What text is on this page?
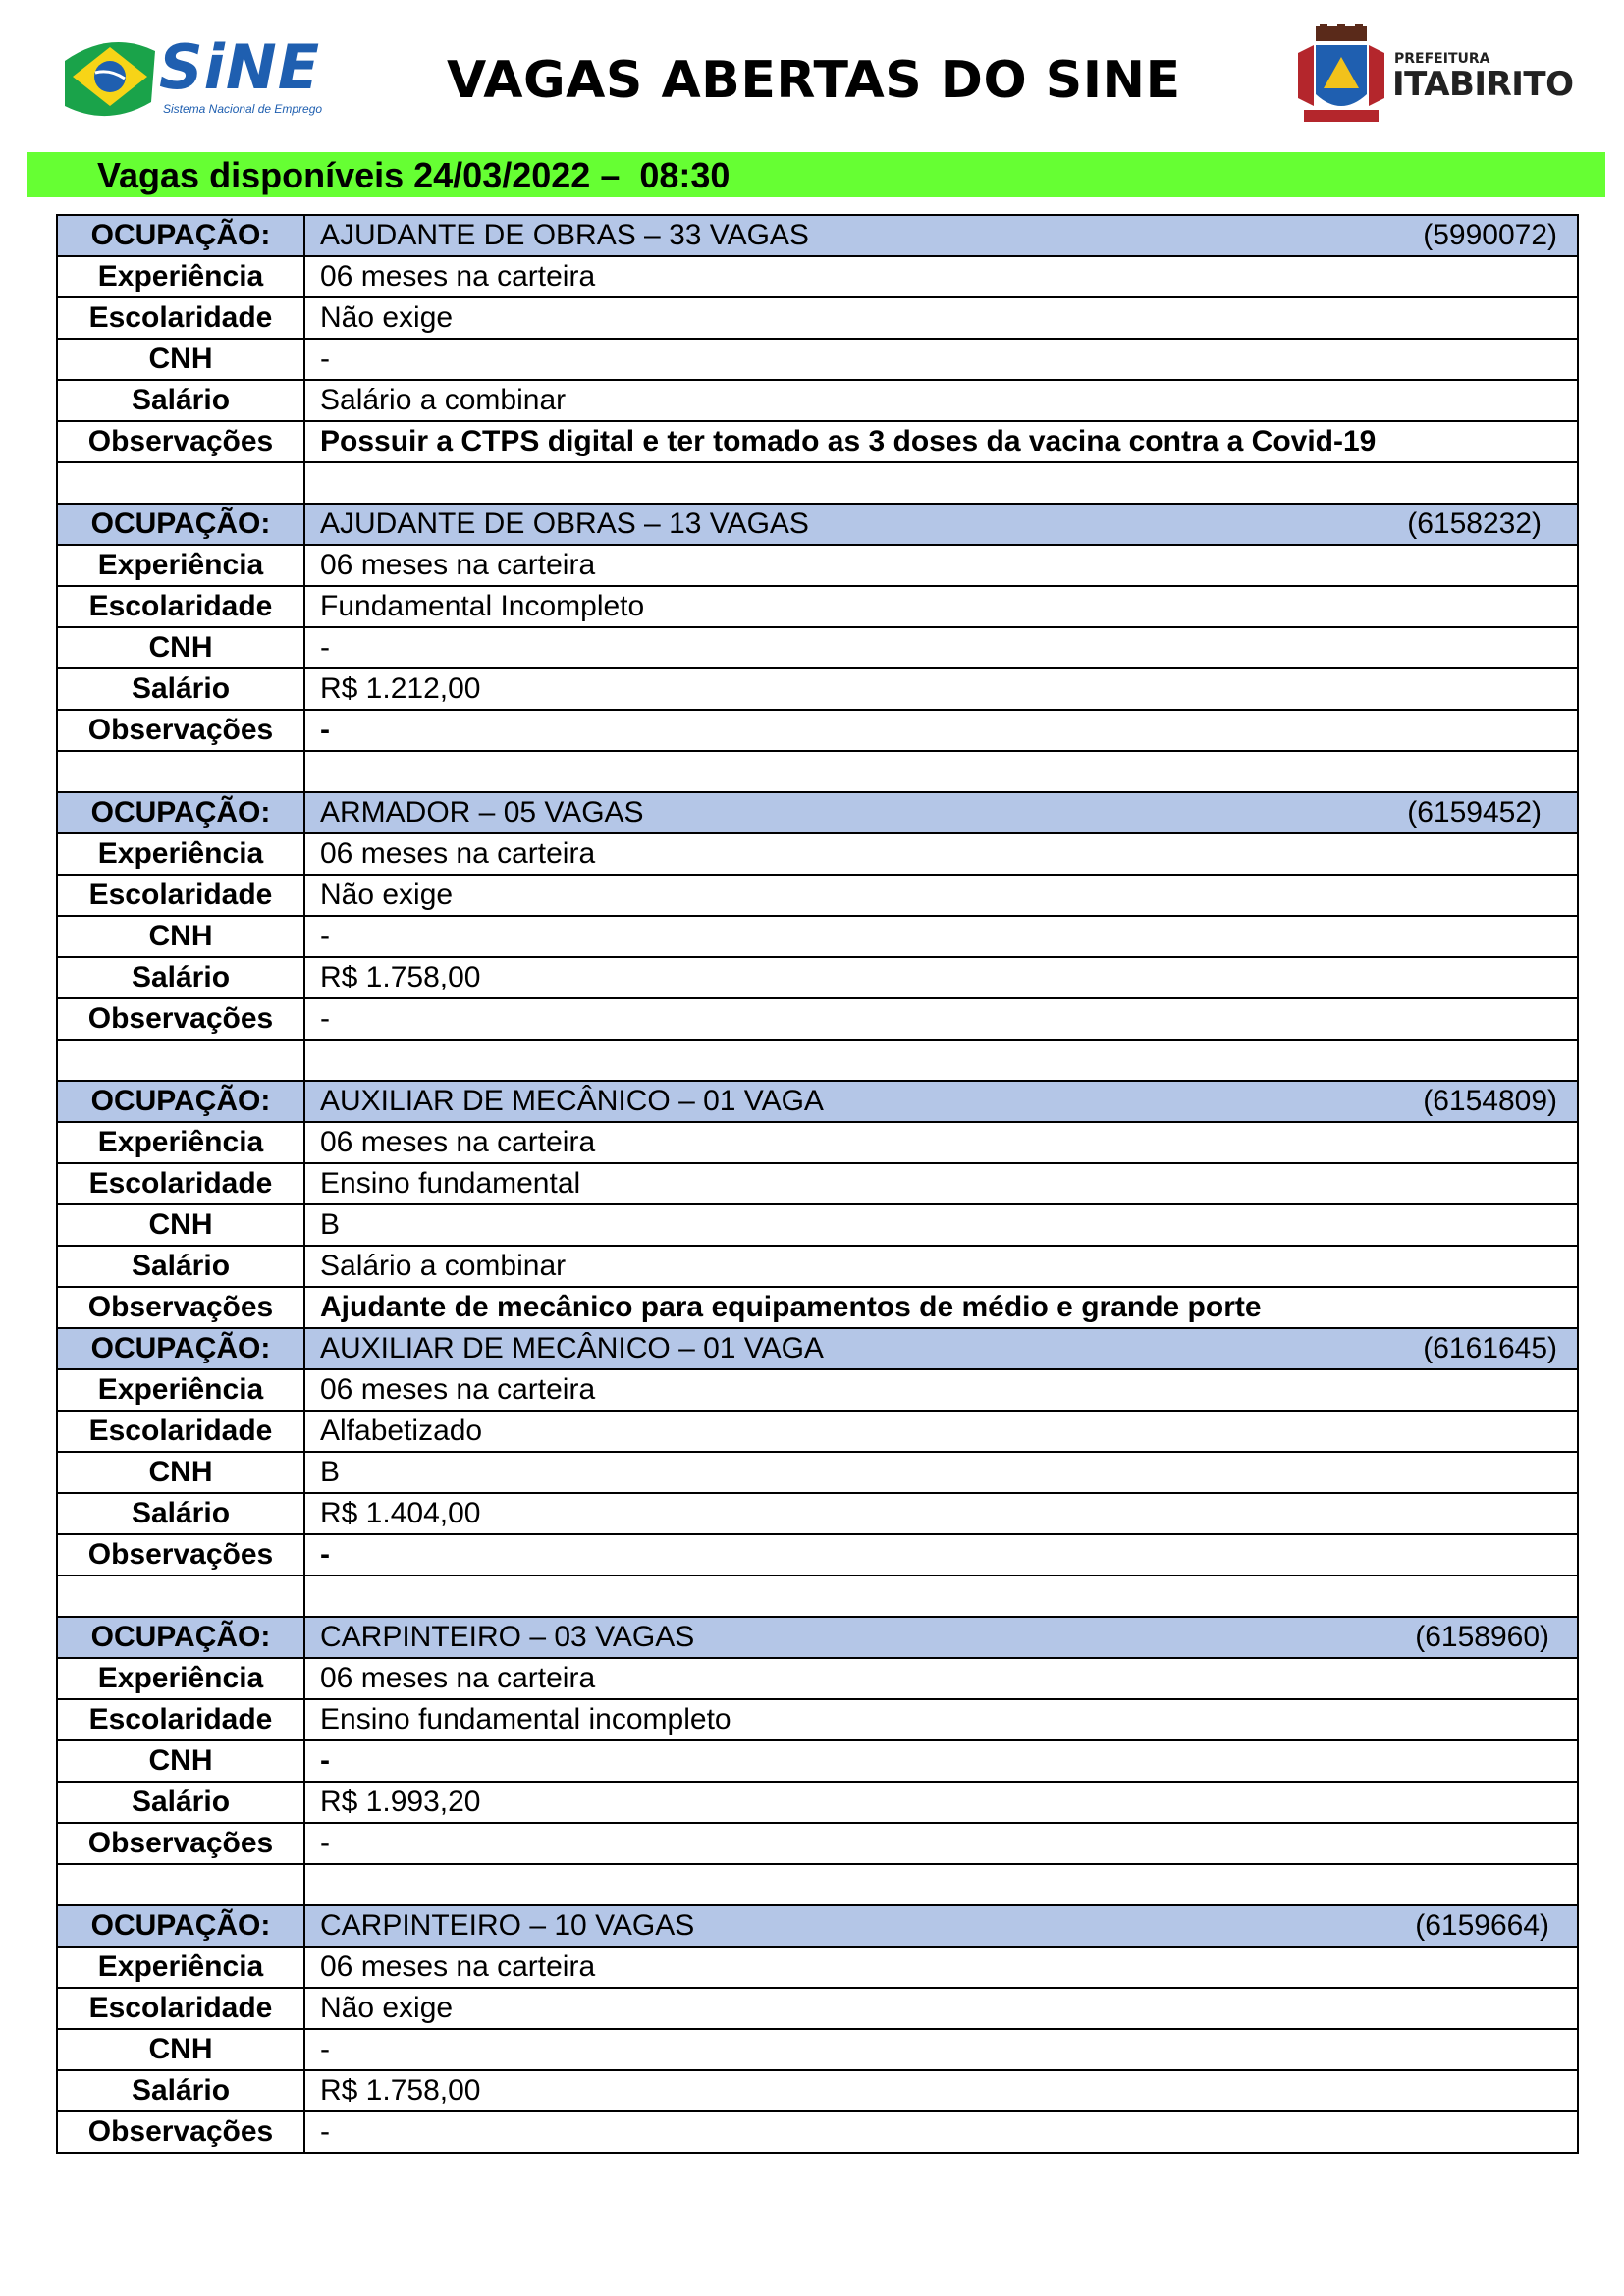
SiNE
Sistema Nacional de Emprego VAGAS ABERTAS DO SINE	PREFEITURA
ITABIRITO
Vagas disponíveis 24/03/2022 –  08:30
OCUPAÇÃO:	AJUDANTE DE OBRAS – 33 VAGAS (5990072)

Experiência	06 meses na carteira
Escolaridade	Não exige
CNH	-
Salário	Salário a combinar
Observações	Possuir a CTPS digital e ter tomado as 3 doses da vacina contra a Covid-19

OCUPAÇÃO:	AJUDANTE DE OBRAS – 13 VAGAS (6158232)

Experiência	06 meses na carteira
Escolaridade	Fundamental Incompleto
CNH	-
Salário	R$ 1.212,00
Observações	-

OCUPAÇÃO:	ARMADOR – 05 VAGAS (6159452)

Experiência	06 meses na carteira
Escolaridade	Não exige
CNH	-
Salário	R$ 1.758,00
Observações	-

OCUPAÇÃO:	AUXILIAR DE MECÂNICO – 01 VAGA (6154809)

Experiência	06 meses na carteira
Escolaridade	Ensino fundamental
CNH	B
Salário	Salário a combinar
Observações	Ajudante de mecânico para equipamentos de médio e grande porte
OCUPAÇÃO:	AUXILIAR DE MECÂNICO – 01 VAGA (6161645)

Experiência	06 meses na carteira
Escolaridade	Alfabetizado
CNH	B
Salário	R$ 1.404,00
Observações	-

OCUPAÇÃO:	CARPINTEIRO – 03 VAGAS (6158960)

Experiência	06 meses na carteira
Escolaridade	Ensino fundamental incompleto
CNH	-
Salário	R$ 1.993,20
Observações	-

OCUPAÇÃO:	CARPINTEIRO – 10 VAGAS (6159664)

Experiência	06 meses na carteira
Escolaridade	Não exige
CNH	-
Salário	R$ 1.758,00
Observações	-
